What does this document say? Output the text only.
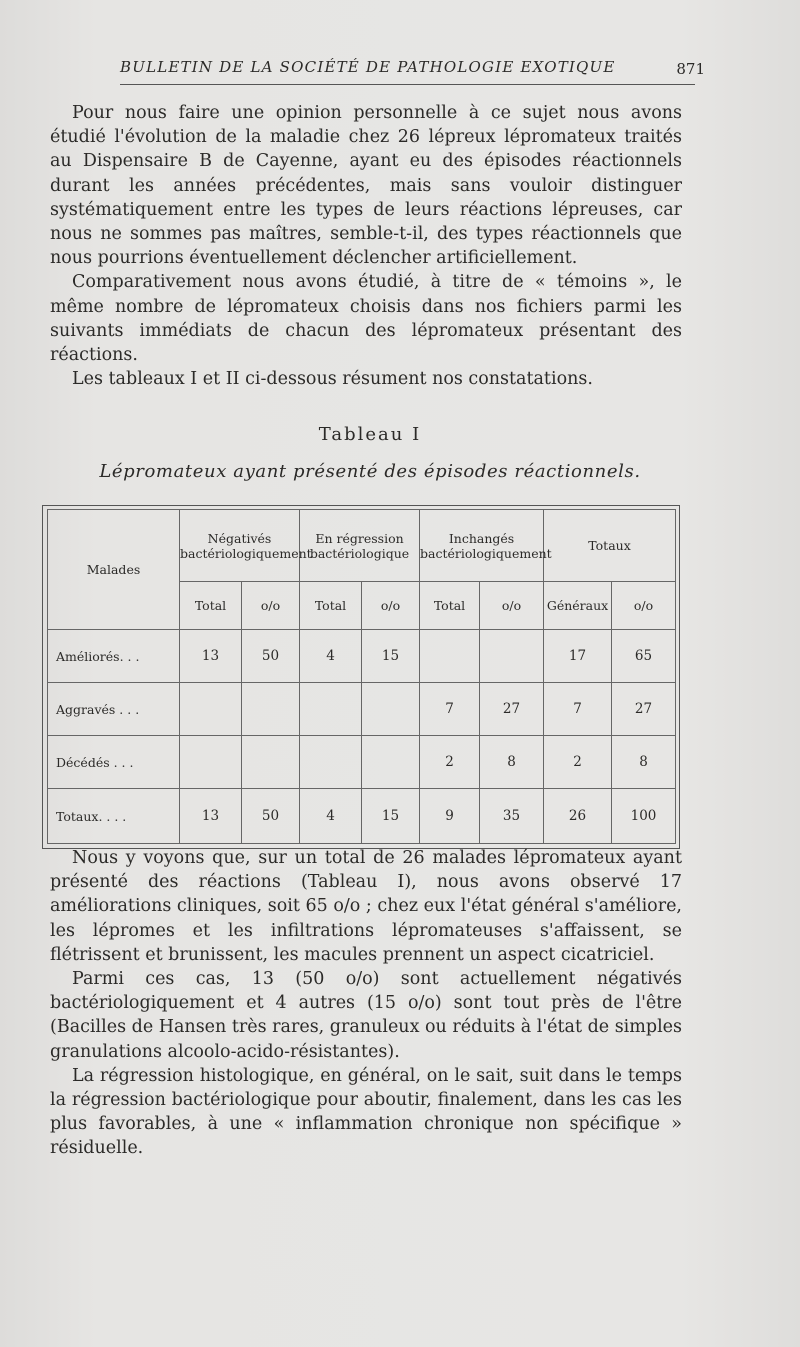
BULLETIN DE LA SOCIÉTÉ DE PATHOLOGIE EXOTIQUE	871

Pour nous faire une opinion personnelle à ce sujet nous avons étudié l'évolution de la maladie chez 26 lépreux lépromateux traités au Dispensaire B de Cayenne, ayant eu des épisodes réactionnels durant les années précédentes, mais sans vouloir distinguer systématiquement entre les types de leurs réactions lépreuses, car nous ne sommes pas maîtres, semble-t-il, des types réactionnels que nous pourrions éventuellement déclencher artificiellement.

Comparativement nous avons étudié, à titre de « témoins », le même nombre de lépromateux choisis dans nos fichiers parmi les suivants immédiats de chacun des lépromateux présentant des réactions.

Les tableaux I et II ci-dessous résument nos constatations.

Tableau I
Lépromateux ayant présenté des épisodes réactionnels.
Malades	Négativés bactériologiquement		En régression bactériologique		Inchangés bactériologiquement		Totaux	
	Total	o/o	Total	o/o	Total	o/o	Généraux	o/o
Améliorés. . .	13	50	4	15			17	65
Aggravés . . .					7	27	7	27
Décédés . . .					2	8	2	8
Totaux. . . .	13	50	4	15	9	35	26	100

Nous y voyons que, sur un total de 26 malades lépromateux ayant présenté des réactions (Tableau I), nous avons observé 17 améliorations cliniques, soit 65 o/o ; chez eux l'état général s'améliore, les lépromes et les infiltrations lépromateuses s'affaissent, se flétrissent et brunissent, les macules prennent un aspect cicatriciel.

Parmi ces cas, 13 (50 o/o) sont actuellement négativés bactériologiquement et 4 autres (15 o/o) sont tout près de l'être (Bacilles de Hansen très rares, granuleux ou réduits à l'état de simples granulations alcoolo-acido-résistantes).

La régression histologique, en général, on le sait, suit dans le temps la régression bactériologique pour aboutir, finalement, dans les cas les plus favorables, à une « inflammation chronique non spécifique » résiduelle.
